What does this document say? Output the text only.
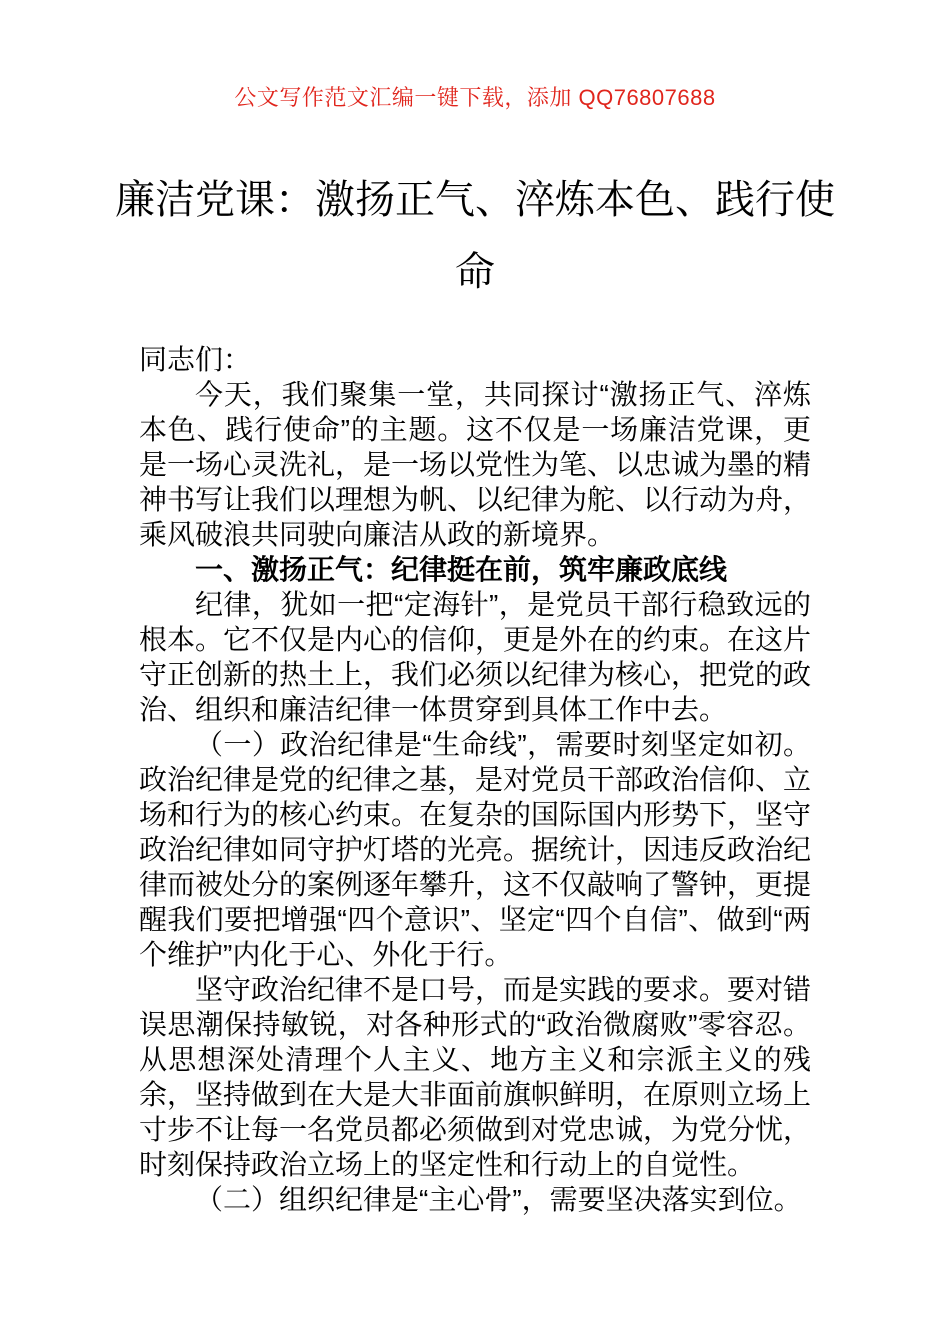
公文写作范文汇编一键下载，添加 QQ76807688
廉洁党课：激扬正气、淬炼本色、践行使命
同志们：
今天，我们聚集一堂，共同探讨“激扬正气、淬炼本色、践行使命”的主题。这不仅是一场廉洁党课，更是一场心灵洗礼，是一场以党性为笔、以忠诚为墨的精神书写让我们以理想为帆、以纪律为舵、以行动为舟，乘风破浪共同驶向廉洁从政的新境界。
一、激扬正气：纪律挺在前，筑牢廉政底线
纪律，犹如一把“定海针”，是党员干部行稳致远的根本。它不仅是内心的信仰，更是外在的约束。在这片守正创新的热土上，我们必须以纪律为核心，把党的政治、组织和廉洁纪律一体贯穿到具体工作中去。
（一）政治纪律是“生命线”，需要时刻坚定如初。政治纪律是党的纪律之基，是对党员干部政治信仰、立场和行为的核心约束。在复杂的国际国内形势下，坚守政治纪律如同守护灯塔的光亮。据统计，因违反政治纪律而被处分的案例逐年攀升，这不仅敲响了警钟，更提醒我们要把增强“四个意识”、坚定“四个自信”、做到“两个维护”内化于心、外化于行。
坚守政治纪律不是口号，而是实践的要求。要对错误思潮保持敏锐，对各种形式的“政治微腐败”零容忍。从思想深处清理个人主义、地方主义和宗派主义的残余，坚持做到在大是大非面前旗帜鲜明，在原则立场上寸步不让每一名党员都必须做到对党忠诚，为党分忧，时刻保持政治立场上的坚定性和行动上的自觉性。
（二）组织纪律是“主心骨”，需要坚决落实到位。
